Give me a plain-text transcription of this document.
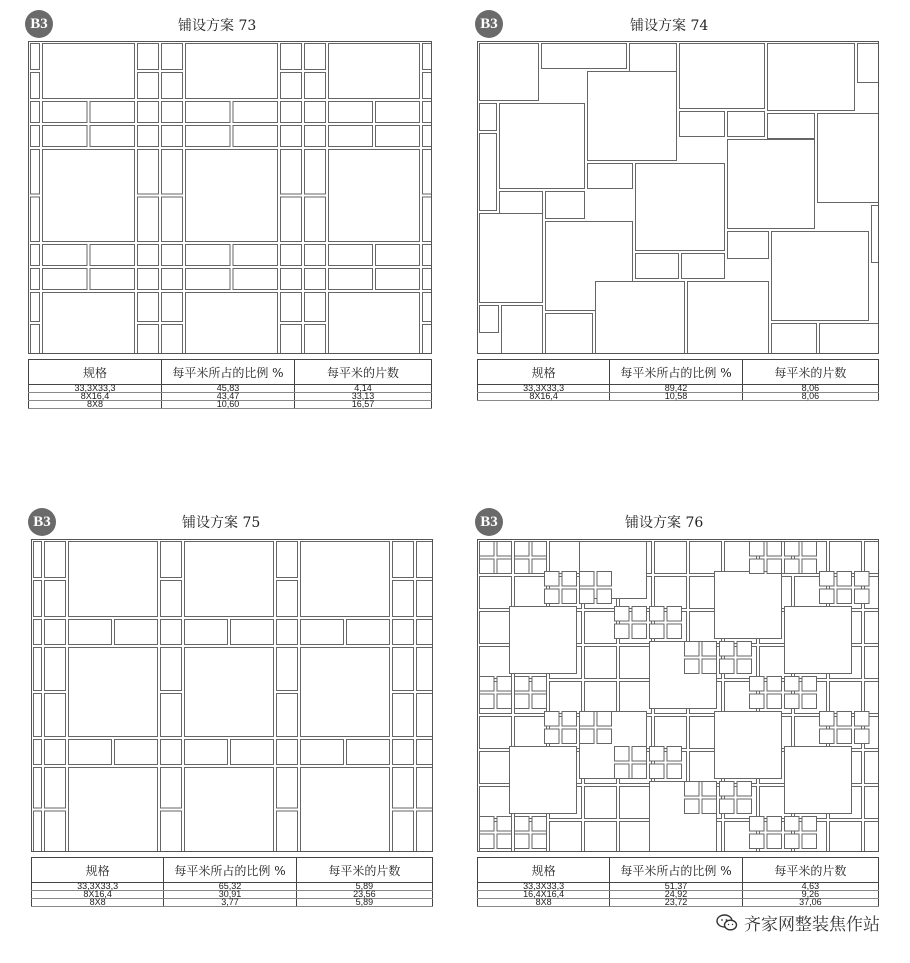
B3	铺设方案 73
规格	每平米所占的比例 %	每平米的片数
33,3X33,3	45,83	4,14
8X16,4	43,47	33,13
8X8	10,60	16,57
B3	铺设方案 74
规格	每平米所占的比例 %	每平米的片数
33,3X33,3	89,42	8,06
8X16,4	10,58	8,06
B3	铺设方案 75
规格	每平米所占的比例 %	每平米的片数
33,3X33,3	65,32	5,89
8X16,4	30,91	23,56
8X8	3,77	5,89
B3	铺设方案 76
规格	每平米所占的比例 %	每平米的片数
33,3X33,3	51,37	4,63
16,4X16,4	24,92	9,26
8X8	23,72	37,06
齐家网整装焦作站
